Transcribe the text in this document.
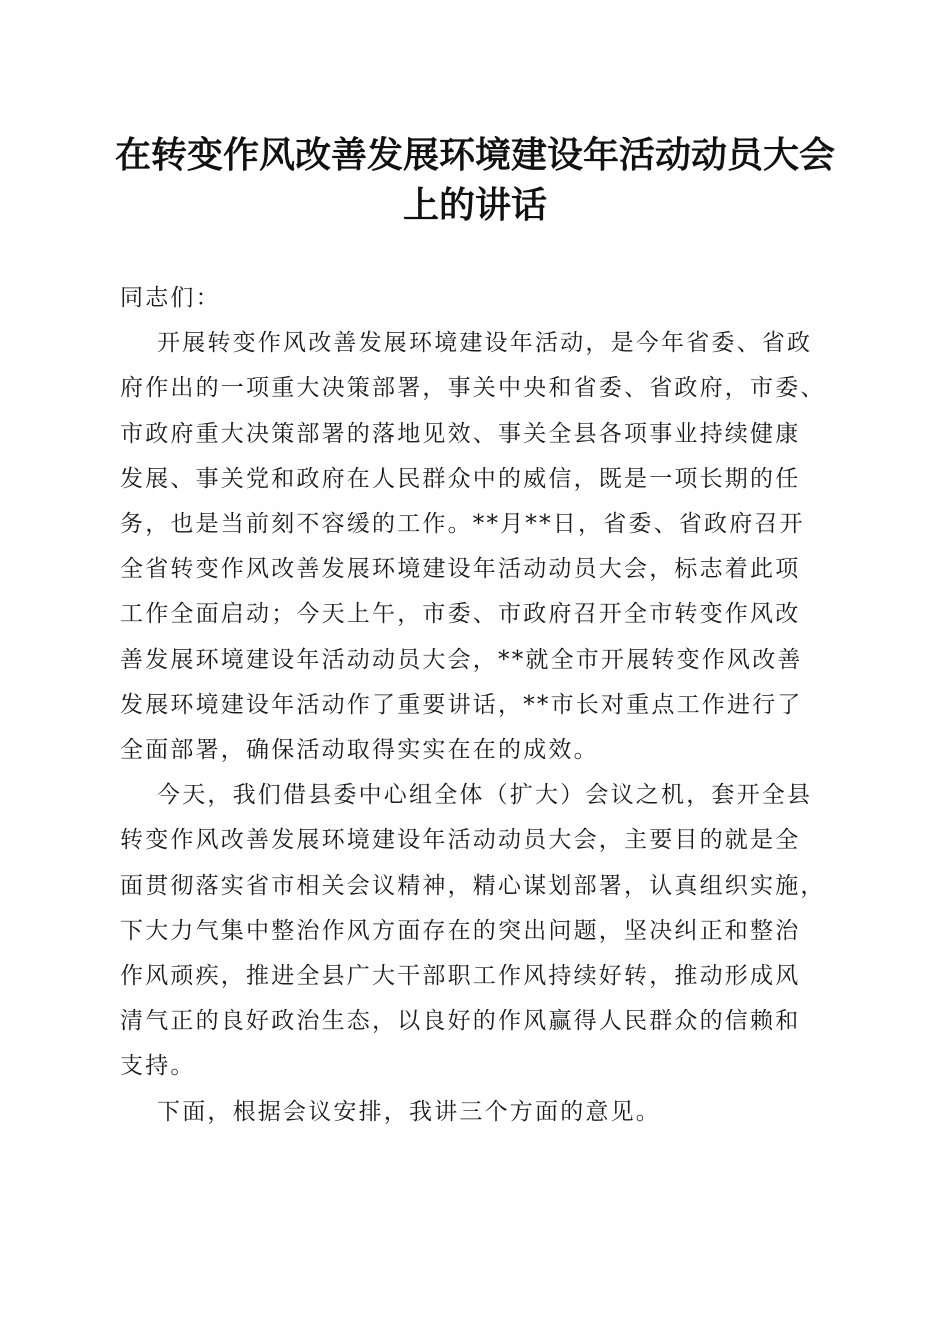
在转变作风改善发展环境建设年活动动员大会
上的讲话
同志们：
开展转变作风改善发展环境建设年活动，是今年省委、省政
府作出的一项重大决策部署，事关中央和省委、省政府，市委、
市政府重大决策部署的落地见效、事关全县各项事业持续健康
发展、事关党和政府在人民群众中的威信，既是一项长期的任
务，也是当前刻不容缓的工作。**月**日，省委、省政府召开
全省转变作风改善发展环境建设年活动动员大会，标志着此项
工作全面启动；今天上午，市委、市政府召开全市转变作风改
善发展环境建设年活动动员大会，**就全市开展转变作风改善
发展环境建设年活动作了重要讲话，**市长对重点工作进行了
全面部署，确保活动取得实实在在的成效。
今天，我们借县委中心组全体（扩大）会议之机，套开全县
转变作风改善发展环境建设年活动动员大会，主要目的就是全
面贯彻落实省市相关会议精神，精心谋划部署，认真组织实施，
下大力气集中整治作风方面存在的突出问题，坚决纠正和整治
作风顽疾，推进全县广大干部职工作风持续好转，推动形成风
清气正的良好政治生态，以良好的作风赢得人民群众的信赖和
支持。
下面，根据会议安排，我讲三个方面的意见。
